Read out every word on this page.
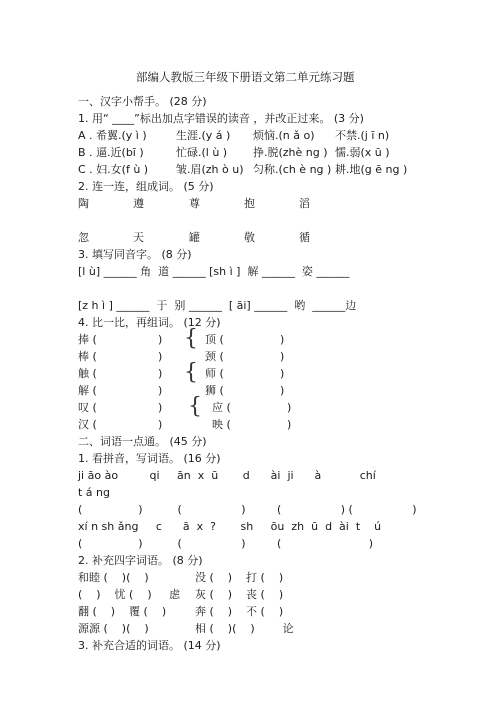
部编人教版三年级下册语文第二单元练习题
一、汉字小帮手。 (28 分)
1. 用“ ____”标出加点字错误的读音 ，并改正过来。 (3 分)
A . 希翼.(y ì )	生涯.(y á ) 烦恼.(n ǎ o) 不禁.(j ī n)
B . 逼.近(bī )	忙碌.(l ù ) 挣.脱(zhè ng ) 懦.弱(x ū )
C . 妇.女(f ù )	皱.眉(zh ò u) 匀称.(ch è ng ) 耕.地(g ē ng )
2. 连一连，组成词。 (5 分)
陶	遵	尊	抱	滔
忽	天	罐	敬	循
3. 填写同音字。 (8 分)
[l ù] ______ 角  道 ______ [sh ì ]  解 ______  姿 ______
[z h ì ] ______  于  别 ______  [ āi] ______  哟  ______边
4. 比一比，再组词。 (12 分)
捧 (	)	顶 (	)
棒 (	)	颈 (	)
触 (	)	师 (	)
解 (	)	狮 (	)
叹 (	)	应 (	)
汉 (	)	映 (	)
{
{
{
二、词语一点通。 (45 分)
1. 看拼音，写词语。 (16 分)
ji āo ào         qi     ān  x  ū       d      ài  ji      à           chí
t á ng
(                )          (                 )         (                 ) (                 )
xí n sh ǎng     c      ā  x  ?       sh     ōu  zh  ū  d  ài  t    ú
(                )          (                 )         (                         )
2. 补充四字词语。 (8 分)
和睦 (    )(    )	没 (    )    打 (    )
(    )    忧 (    )     虑 灰 (    )    丧 (    )
翻 (    )    覆 (    )	奔 (    )    不 (    )
源源 (    )(    )	相 (    )(    )        论
3. 补充合适的词语。 (14 分)
